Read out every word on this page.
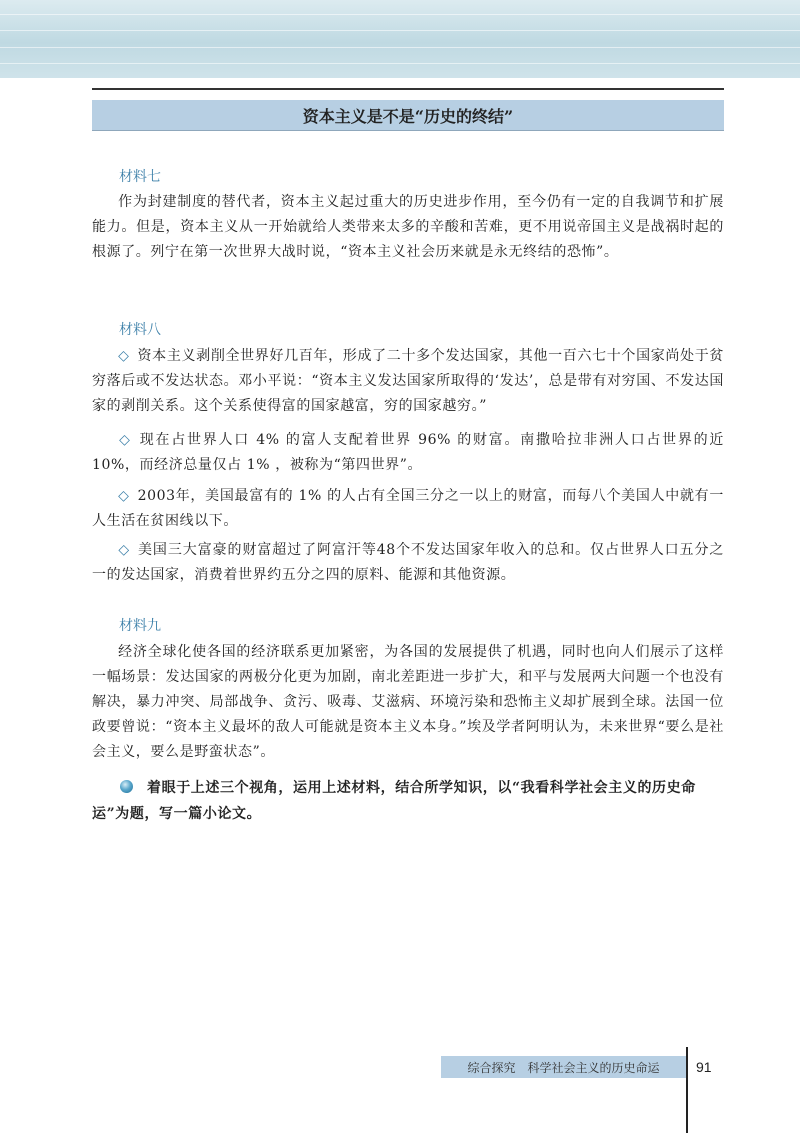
资本主义是不是“历史的终结”
材料七
作为封建制度的替代者，资本主义起过重大的历史进步作用，至今仍有一定的自我调节和扩展能力。但是，资本主义从一开始就给人类带来太多的辛酸和苦难，更不用说帝国主义是战祸时起的根源了。列宁在第一次世界大战时说，“资本主义社会历来就是永无终结的恐怖”。
材料八
◇ 资本主义剥削全世界好几百年，形成了二十多个发达国家，其他一百六七十个国家尚处于贫穷落后或不发达状态。邓小平说：“资本主义发达国家所取得的‘发达’，总是带有对穷国、不发达国家的剥削关系。这个关系使得富的国家越富，穷的国家越穷。”
◇ 现在占世界人口 4% 的富人支配着世界 96% 的财富。南撒哈拉非洲人口占世界的近 10%，而经济总量仅占 1% ，被称为“第四世界”。
◇ 2003年，美国最富有的 1% 的人占有全国三分之一以上的财富，而每八个美国人中就有一人生活在贫困线以下。
◇ 美国三大富豪的财富超过了阿富汗等48个不发达国家年收入的总和。仅占世界人口五分之一的发达国家，消费着世界约五分之四的原料、能源和其他资源。
材料九
经济全球化使各国的经济联系更加紧密，为各国的发展提供了机遇，同时也向人们展示了这样一幅场景：发达国家的两极分化更为加剧，南北差距进一步扩大，和平与发展两大问题一个也没有解决，暴力冲突、局部战争、贪污、吸毒、艾滋病、环境污染和恐怖主义却扩展到全球。法国一位政要曾说：“资本主义最坏的敌人可能就是资本主义本身。”埃及学者阿明认为，未来世界“要么是社会主义，要么是野蛮状态”。
着眼于上述三个视角，运用上述材料，结合所学知识，以“我看科学社会主义的历史命运”为题，写一篇小论文。
综合探究　科学社会主义的历史命运	91
